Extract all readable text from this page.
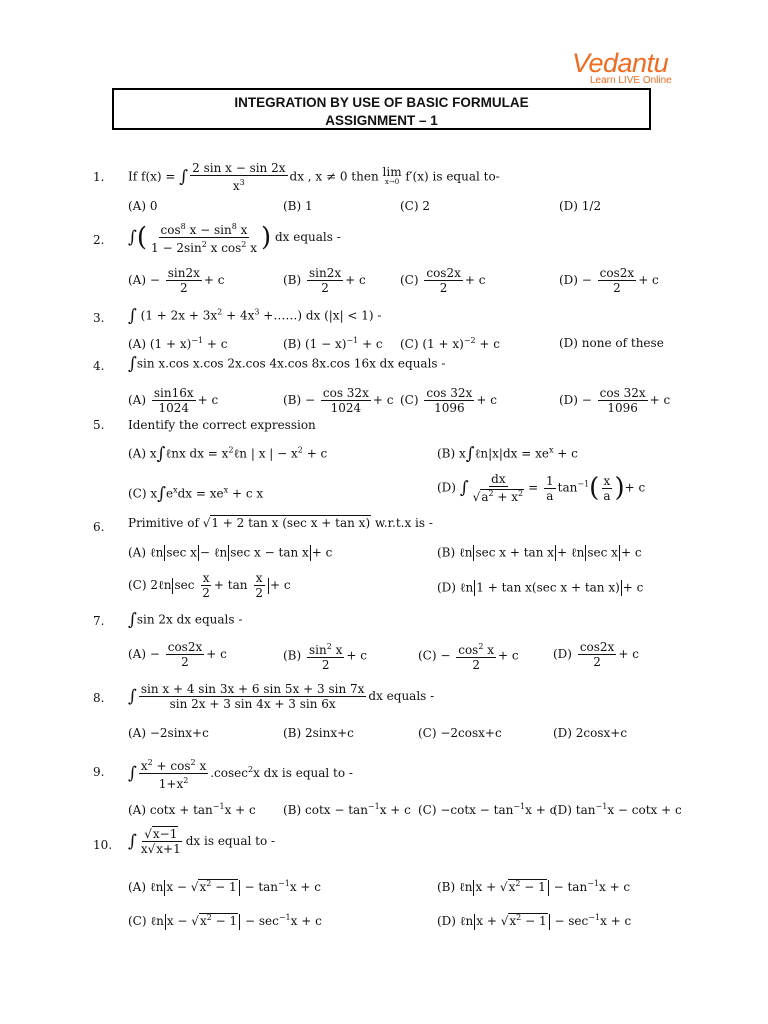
Vedantu
Learn LIVE Online
INTEGRATION BY USE OF BASIC FORMULAE
ASSIGNMENT – 1
1. If f(x) = ∫ $\frac{\text{2 sin x − sin 2x}}{x^3}$ dx , x ≠ 0 then lim
x→0 f′(x) is equal to-
(A) 0	(B) 1	(C) 2	(D) 1/2
2. ∫( $\frac{\cos^8 x - \sin^8 x}{1 - 2\sin^2 x \cos^2 x}$ ) dx equals -
$(A) - \frac{\sin 2x}{2} + c$	$(B) \frac{\sin 2x}{2} + c$	$(C) \frac{\cos 2x}{2} + c$	$(D) - \frac{\cos 2x}{2} + c$
3. ∫ ($1 + 2x + 3x^2 + 4x^3$ +……) dx (|x| < 1) -
(A) $(1 + x)^{-1} + c$	(B) $(1 - x)^{-1} + c$ (C) $(1 + x)^{-2} + c$	(D) none of these
4. ∫sin x.cos x.cos 2x.cos 4x.cos 8x.cos 16x dx equals -
$(A) \frac{\sin 16x}{1024} + c$	$(B) - \frac{\cos 32x}{1024} + c$ $(C) \frac{\cos 32x}{1096} + c$	$(D) - \frac{\cos 32x}{1096} + c$
5. Identify the correct expression
(A) x∫ℓnx dx = $x^2\ell n$ | x | − $x^2 + c$	(B) x∫ℓn|x|dx = $xe^x + c$
(C) $x\int e^xdx = xe^x + c$ x	(D) ∫ $\frac{dx}{√a^2 + x^2} = \frac{1}{a} \tan^{-1}( \frac{x}{a}$ )+ c
6. Primitive of √1 + 2 tan x (sec x + tan x) w.r.t.x is -
(A) ℓn sec x − ℓn sec x − tan x + c	(B) ℓn sec x + tan x + ℓn sec x + c
(C) 2ℓn $\sec \frac{x}{2} + \tan \frac{x}{2} + c$	(D) ℓn 1 + tan x(sec x + tan x) + c
7. ∫sin 2x dx equals -
$(A) - \frac{\cos 2x}{2} + c$	$(B) \frac{\sin^2 x}{2} + c$	$(C) - \frac{\cos^2 x}{2} + c$	$(D) \frac{\cos 2x}{2} + c$
8. ∫ $\frac{\text{sin x + 4 sin 3x + 6 sin 5x + 3 sin 7x}}{\sin 2x + 3 \sin 4x + 3 \sin 6x}$ dx equals -
(A) −2sinx+c	(B) 2sinx+c	(C) −2cosx+c	(D) 2cosx+c
9. ∫ $\frac{x^2 + \cos^2 x}{1+x^2} .cosec^2x$ dx is equal to -
(A) $\cot x + \tan^{-1}x + c$ (B) $\cot x - \tan^{-1}x + c$ $(C) -\cot x - \tan^{-1}x + c$
(D) $\tan^{-1}x - \cot x + c$
10. ∫ $\frac{√x-1}{x√x+1}$ dx is equal to -
(A) ℓn $x - √x^2 - 1 - \tan^{-1}x + c$	(B) ℓn $x + √x^2 - 1 - \tan^{-1}x + c$
(C) ℓn $x - √x^2 - 1 - \sec^{-1}x + c$	(D) ℓn $x + √x^2 - 1 - \sec^{-1}x + c$
